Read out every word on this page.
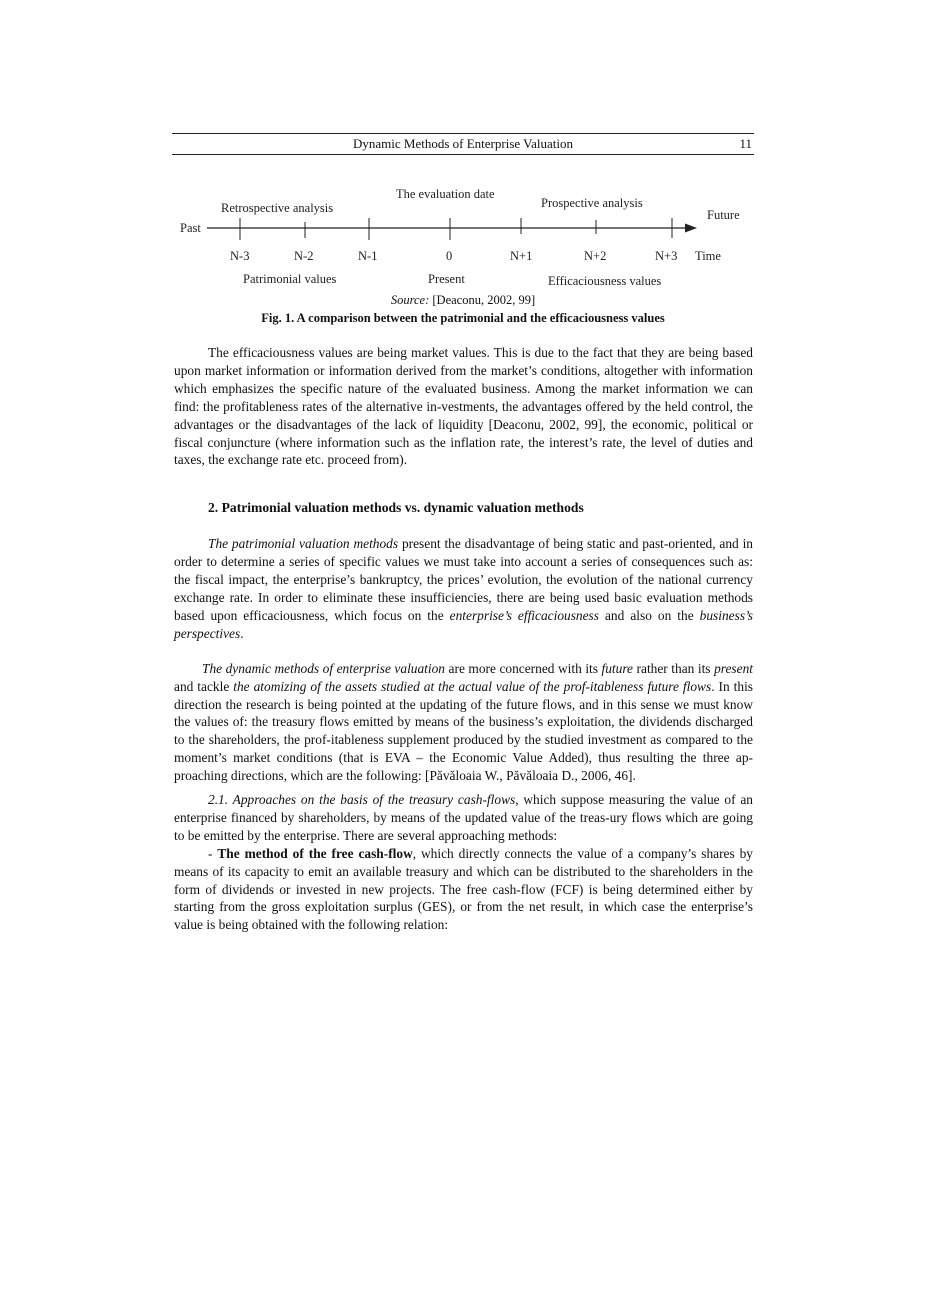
Dynamic Methods of Enterprise Valuation	11
Retrospective analysis
The evaluation date
Prospective analysis
Past
Future
N-3	N-2	N-1	0	N+1	N+2	N+3 Time
Patrimonial values	Present	Efficaciousness values
Source: [Deaconu, 2002, 99]
Fig. 1. A comparison between the patrimonial and the efficaciousness values

The efficaciousness values are being market values. This is due to the fact that they are being based upon market information or information derived from the market’s conditions, altogether with information which emphasizes the specific nature of the evaluated business. Among the market information we can find: the profitableness rates of the alternative in-vestments, the advantages offered by the held control, the advantages or the disadvantages of the lack of liquidity [Deaconu, 2002, 99], the economic, political or fiscal conjuncture (where information such as the inflation rate, the interest’s rate, the level of duties and taxes, the exchange rate etc. proceed from).

2. Patrimonial valuation methods vs. dynamic valuation methods

The patrimonial valuation methods present the disadvantage of being static and past-oriented, and in order to determine a series of specific values we must take into account a series of consequences such as: the fiscal impact, the enterprise’s bankruptcy, the prices’ evolution, the evolution of the national currency exchange rate. In order to eliminate these insufficiencies, there are being used basic evaluation methods based upon efficaciousness, which focus on the enterprise’s efficaciousness and also on the business’s perspectives.

The dynamic methods of enterprise valuation are more concerned with its future rather than its present and tackle the atomizing of the assets studied at the actual value of the prof-itableness future flows. In this direction the research is being pointed at the updating of the future flows, and in this sense we must know the values of: the treasury flows emitted by means of the business’s exploitation, the dividends discharged to the shareholders, the prof-itableness supplement produced by the studied investment as compared to the moment’s market conditions (that is EVA – the Economic Value Added), thus resulting the three ap-proaching directions, which are the following: [Păvăloaia W., Păvăloaia D., 2006, 46].

2.1. Approaches on the basis of the treasury cash-flows, which suppose measuring the value of an enterprise financed by shareholders, by means of the updated value of the treas-ury flows which are going to be emitted by the enterprise. There are several approaching methods:

- The method of the free cash-flow, which directly connects the value of a company’s shares by means of its capacity to emit an available treasury and which can be distributed to the shareholders in the form of dividends or invested in new projects. The free cash-flow (FCF) is being determined either by starting from the gross exploitation surplus (GES), or from the net result, in which case the enterprise’s value is being obtained with the following relation:
